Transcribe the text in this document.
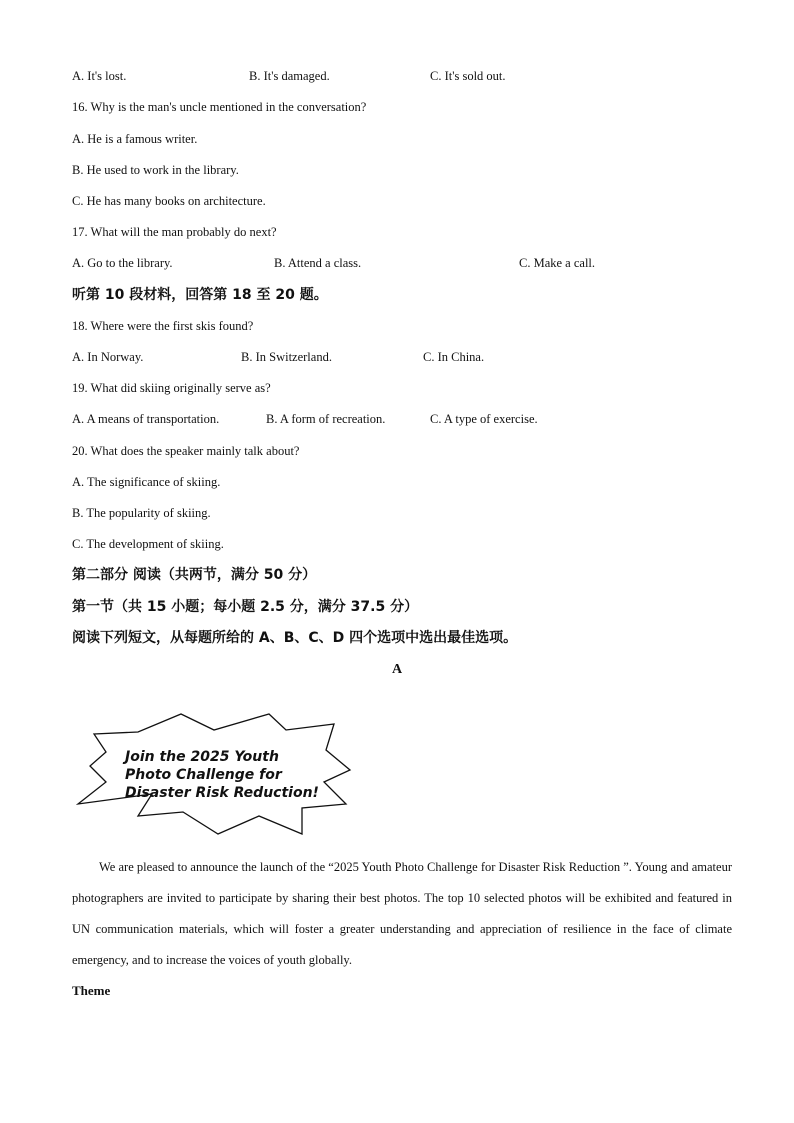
A. It's lost.	B. It's damaged.	C. It's sold out.
16. Why is the man's uncle mentioned in the conversation?
A. He is a famous writer.
B. He used to work in the library.
C. He has many books on architecture.
17. What will the man probably do next?
A. Go to the library.	B. Attend a class.	C. Make a call.
听第 10 段材料，回答第 18 至 20 题。
18. Where were the first skis found?
A. In Norway.	B. In Switzerland.	C. In China.
19. What did skiing originally serve as?
A. A means of transportation.	B. A form of recreation.	C. A type of exercise.
20. What does the speaker mainly talk about?
A. The significance of skiing.
B. The popularity of skiing.
C. The development of skiing.
第二部分 阅读（共两节，满分 50 分）
第一节（共 15 小题；每小题 2.5 分，满分 37.5 分）
阅读下列短文，从每题所给的 A、B、C、D 四个选项中选出最佳选项。
A
Join the 2025 Youth
Photo Challenge for
Disaster Risk Reduction!
We are pleased to announce the launch of the “2025 Youth Photo Challenge for Disaster Risk Reduction ”. Young and amateur photographers are invited to participate by sharing their best photos. The top 10 selected photos will be exhibited and featured in UN communication materials, which will foster a greater understanding and appreciation of resilience in the face of climate emergency, and to increase the voices of youth globally.
Theme
